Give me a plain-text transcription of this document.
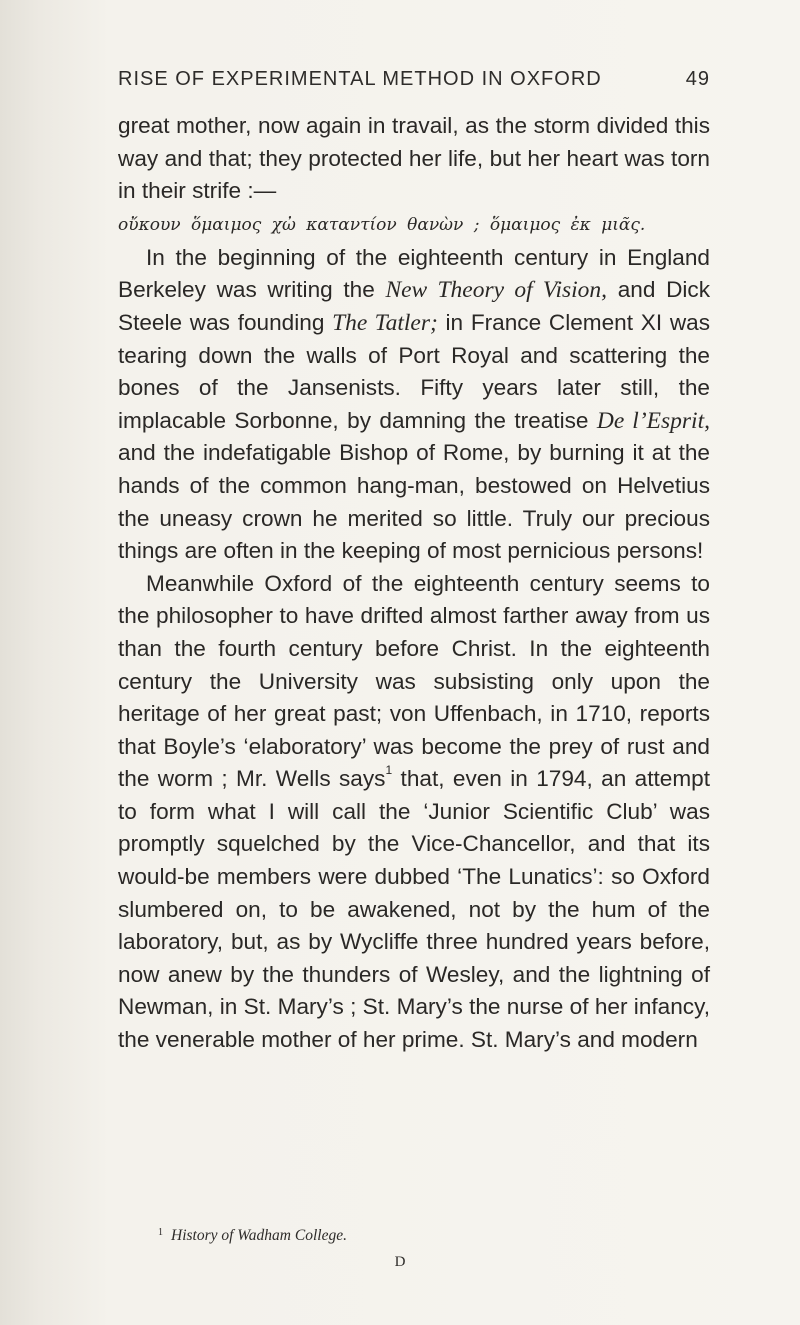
RISE OF EXPERIMENTAL METHOD IN OXFORD	49

great mother, now again in travail, as the storm divided this way and that; they protected her life, but her heart was torn in their strife :—

οὔκουν ὅμαιμος χὠ καταντίον θανὼν ; ὅμαιμος ἐκ μιᾶς.

In the beginning of the eighteenth century in England Berkeley was writing the New Theory of Vision, and Dick Steele was founding The Tatler; in France Clement XI was tearing down the walls of Port Royal and scattering the bones of the Jansenists. Fifty years later still, the implacable Sorbonne, by damning the treatise De l’Esprit, and the indefatigable Bishop of Rome, by burning it at the hands of the common hang-man, bestowed on Helvetius the uneasy crown he merited so little. Truly our precious things are often in the keeping of most pernicious persons!

Meanwhile Oxford of the eighteenth century seems to the philosopher to have drifted almost farther away from us than the fourth century before Christ. In the eighteenth century the University was subsisting only upon the heritage of her great past; von Uffenbach, in 1710, reports that Boyle’s ‘elaboratory’ was become the prey of rust and the worm ; Mr. Wells says$^1$ that, even in 1794, an attempt to form what I will call the ‘Junior Scientific Club’ was promptly squelched by the Vice-Chancellor, and that its would-be members were dubbed ‘The Lunatics’: so Oxford slumbered on, to be awakened, not by the hum of the laboratory, but, as by Wycliffe three hundred years before, now anew by the thunders of Wesley, and the lightning of Newman, in St. Mary’s ; St. Mary’s the nurse of her infancy, the venerable mother of her prime. St. Mary’s and modern

$^1$ History of Wadham College.
D
